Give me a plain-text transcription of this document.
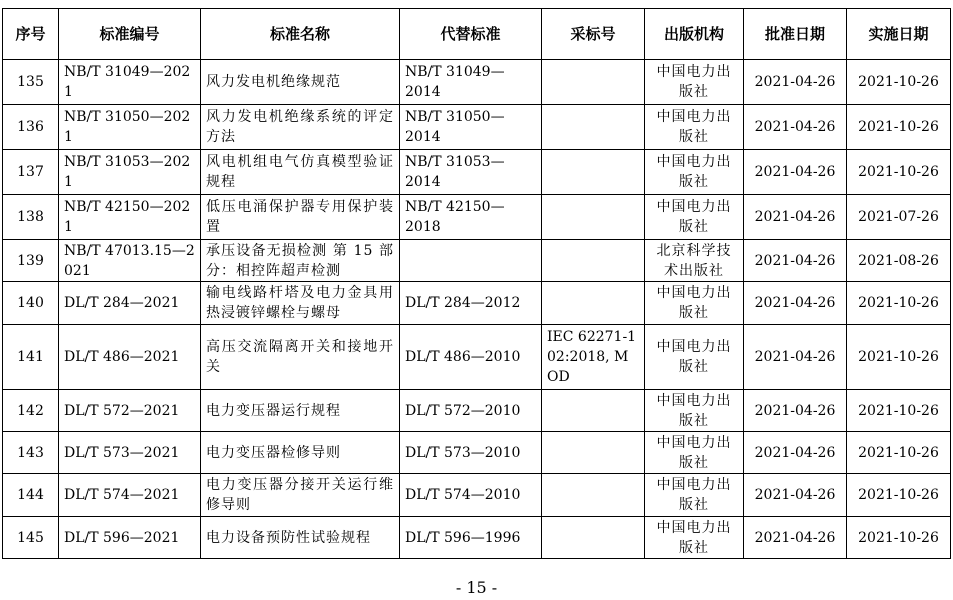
序号	标准编号	标准名称	代替标准	采标号	出版机构	批准日期	实施日期
135	NB/T 31049—2021	风力发电机绝缘规范	NB/T 31049—2014		中国电力出版社	2021-04-26	2021-10-26
136	NB/T 31050—2021	风力发电机绝缘系统的评定方法	NB/T 31050—2014		中国电力出版社	2021-04-26	2021-10-26
137	NB/T 31053—2021	风电机组电气仿真模型验证规程	NB/T 31053—2014		中国电力出版社	2021-04-26	2021-10-26
138	NB/T 42150—2021	低压电涌保护器专用保护装置	NB/T 42150—2018		中国电力出版社	2021-04-26	2021-07-26
139	NB/T 47013.15—2021	承压设备无损检测 第 15 部分：相控阵超声检测			北京科学技术出版社	2021-04-26	2021-08-26
140	DL/T 284—2021	输电线路杆塔及电力金具用热浸镀锌螺栓与螺母	DL/T 284—2012		中国电力出版社	2021-04-26	2021-10-26
141	DL/T 486—2021	高压交流隔离开关和接地开关	DL/T 486—2010	IEC 62271-102:2018, MOD	中国电力出版社	2021-04-26	2021-10-26
142	DL/T 572—2021	电力变压器运行规程	DL/T 572—2010		中国电力出版社	2021-04-26	2021-10-26
143	DL/T 573—2021	电力变压器检修导则	DL/T 573—2010		中国电力出版社	2021-04-26	2021-10-26
144	DL/T 574—2021	电力变压器分接开关运行维修导则	DL/T 574—2010		中国电力出版社	2021-04-26	2021-10-26
145	DL/T 596—2021	电力设备预防性试验规程	DL/T 596—1996		中国电力出版社	2021-04-26	2021-10-26
- 15 -
